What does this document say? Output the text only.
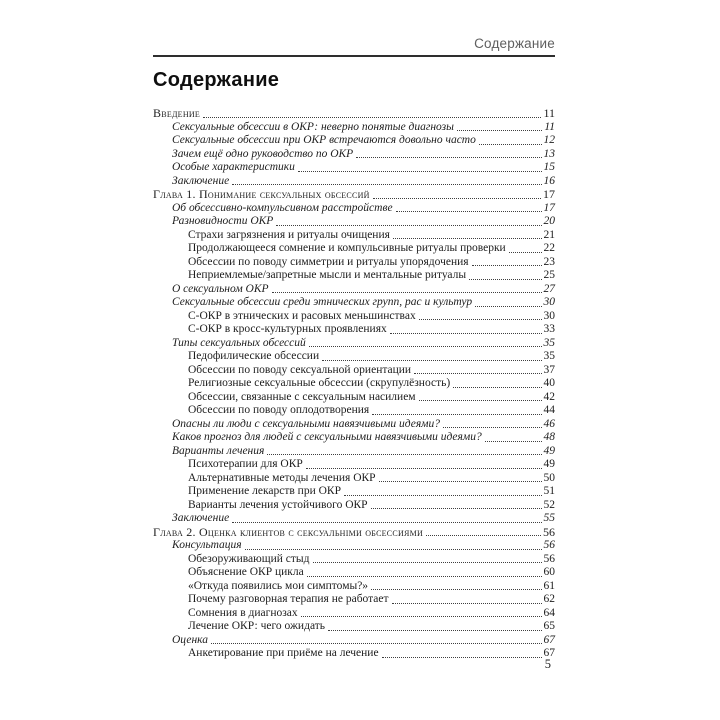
Содержание
Содержание
Введение	11
Сексуальные обсессии в ОКР: неверно понятые диагнозы	11
Сексуальные обсессии при ОКР встречаются довольно часто	12
Зачем ещё одно руководство по ОКР	13
Особые характеристики	15
Заключение	16
Глава 1. Понимание сексуальных обсессий	17
Об обсессивно-компульсивном расстройстве	17
Разновидности ОКР	20
Страхи загрязнения и ритуалы очищения	21
Продолжающееся сомнение и компульсивные ритуалы проверки	22
Обсессии по поводу симметрии и ритуалы упорядочения	23
Неприемлемые/запретные мысли и ментальные ритуалы	25
О сексуальном ОКР	27
Сексуальные обсессии среди этнических групп, рас и культур	30
С-ОКР в этнических и расовых меньшинствах	30
С-ОКР в кросс-культурных проявлениях	33
Типы сексуальных обсессий	35
Педофилические обсессии	35
Обсессии по поводу сексуальной ориентации	37
Религиозные сексуальные обсессии (скрупулёзность)	40
Обсессии, связанные с сексуальным насилием	42
Обсессии по поводу оплодотворения	44
Опасны ли люди с сексуальными навязчивыми идеями?	46
Каков прогноз для людей с сексуальными навязчивыми идеями?	48
Варианты лечения	49
Психотерапии для ОКР	49
Альтернативные методы лечения ОКР	50
Применение лекарств при ОКР	51
Варианты лечения устойчивого ОКР	52
Заключение	55
Глава 2. Оценка клиентов с сексуальніми обсессиями	56
Консультация	56
Обезоруживающий стыд	56
Объяснение ОКР цикла	60
«Откуда появились мои симптомы?»	61
Почему разговорная терапия не работает	62
Сомнения в диагнозах	64
Лечение ОКР: чего ожидать	65
Оценка	67
Анкетирование при приёме на лечение	67
5
